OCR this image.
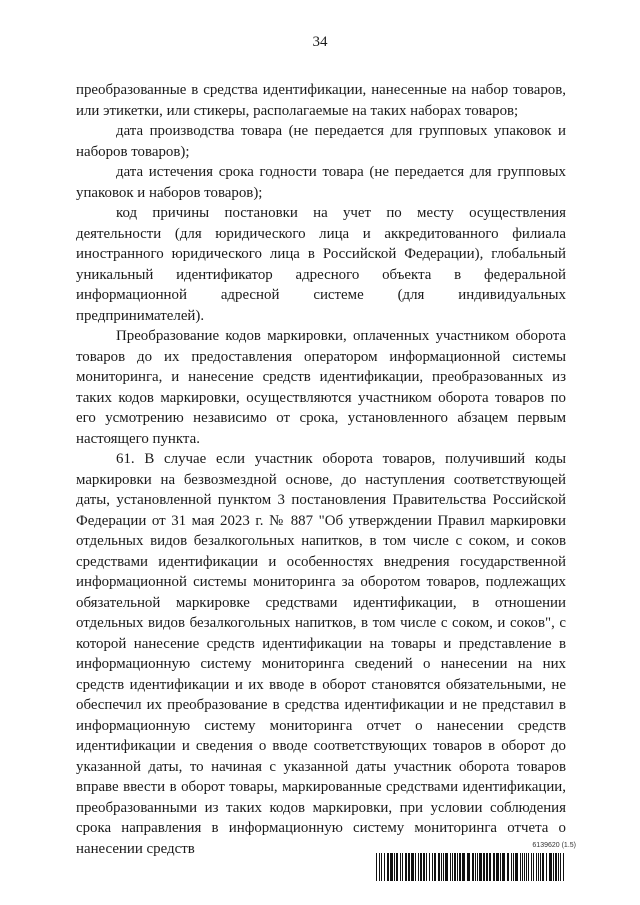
34

преобразованные в средства идентификации, нанесенные на набор товаров, или этикетки, или стикеры, располагаемые на таких наборах товаров;

дата производства товара (не передается для групповых упаковок и наборов товаров);

дата истечения срока годности товара (не передается для групповых упаковок и наборов товаров);

код причины постановки на учет по месту осуществления деятельности (для юридического лица и аккредитованного филиала иностранного юридического лица в Российской Федерации), глобальный уникальный идентификатор адресного объекта в федеральной информационной адресной системе (для индивидуальных предпринимателей).

Преобразование кодов маркировки, оплаченных участником оборота товаров до их предоставления оператором информационной системы мониторинга, и нанесение средств идентификации, преобразованных из таких кодов маркировки, осуществляются участником оборота товаров по его усмотрению независимо от срока, установленного абзацем первым настоящего пункта.

61. В случае если участник оборота товаров, получивший коды маркировки на безвозмездной основе, до наступления соответствующей даты, установленной пунктом 3 постановления Правительства Российской Федерации от 31 мая 2023 г. № 887 "Об утверждении Правил маркировки отдельных видов безалкогольных напитков, в том числе с соком, и соков средствами идентификации и особенностях внедрения государственной информационной системы мониторинга за оборотом товаров, подлежащих обязательной маркировке средствами идентификации, в отношении отдельных видов безалкогольных напитков, в том числе с соком, и соков", с которой нанесение средств идентификации на товары и представление в информационную систему мониторинга сведений о нанесении на них средств идентификации и их вводе в оборот становятся обязательными, не обеспечил их преобразование в средства идентификации и не представил в информационную систему мониторинга отчет о нанесении средств идентификации и сведения о вводе соответствующих товаров в оборот до указанной даты, то начиная с указанной даты участник оборота товаров вправе ввести в оборот товары, маркированные средствами идентификации, преобразованными из таких кодов маркировки, при условии соблюдения срока направления в информационную систему мониторинга отчета о нанесении средств	6139620 (1.5)
